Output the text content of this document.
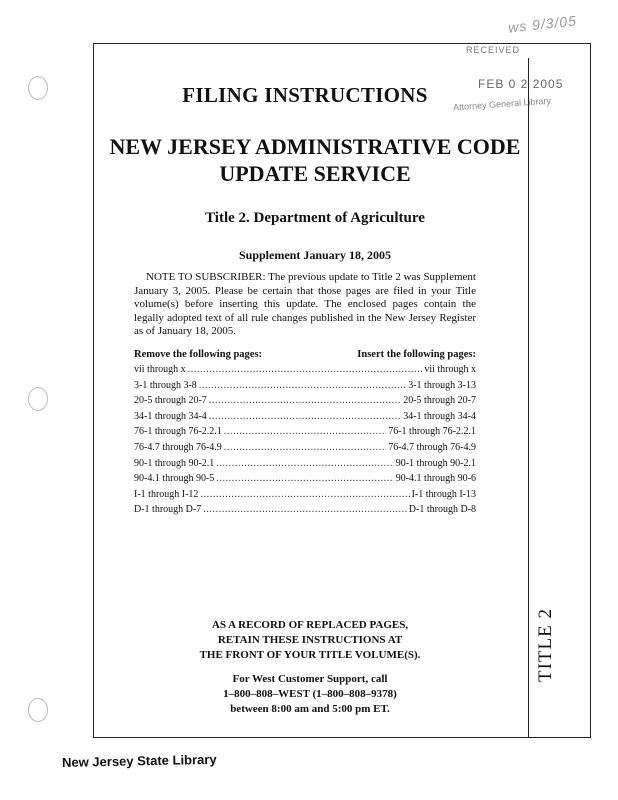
ws 9/3/05
RECEIVED
FEB 0 2 2005
Attorney General Library
TITLE 2
FILING INSTRUCTIONS
NEW JERSEY ADMINISTRATIVE CODE
UPDATE SERVICE
Title 2. Department of Agriculture
Supplement January 18, 2005
NOTE TO SUBSCRIBER: The previous update to Title 2 was Supplement January 3, 2005. Please be certain that those pages are filed in your Title volume(s) before inserting this update. The enclosed pages contain the legally adopted text of all rule changes published in the New Jersey Register as of January 18, 2005.
Remove the following pages:	Insert the following pages:
vii through x .....	vii through x
3-1 through 3-8 .....	3-1 through 3-13
20-5 through 20-7 .....	20-5 through 20-7
34-1 through 34-4 .....	34-1 through 34-4
76-1 through 76-2.2.1 .....	76-1 through 76-2.2.1
76-4.7 through 76-4.9 .....	76-4.7 through 76-4.9
90-1 through 90-2.1 .....	90-1 through 90-2.1
90-4.1 through 90-5 .....	90-4.1 through 90-6
I-1 through I-12 .....	I-1 through I-13
D-1 through D-7 .....	D-1 through D-8
AS A RECORD OF REPLACED PAGES,
RETAIN THESE INSTRUCTIONS AT
THE FRONT OF YOUR TITLE VOLUME(S).
For West Customer Support, call
1–800–808–WEST (1–800–808–9378)
between 8:00 am and 5:00 pm ET.
New Jersey State Library
